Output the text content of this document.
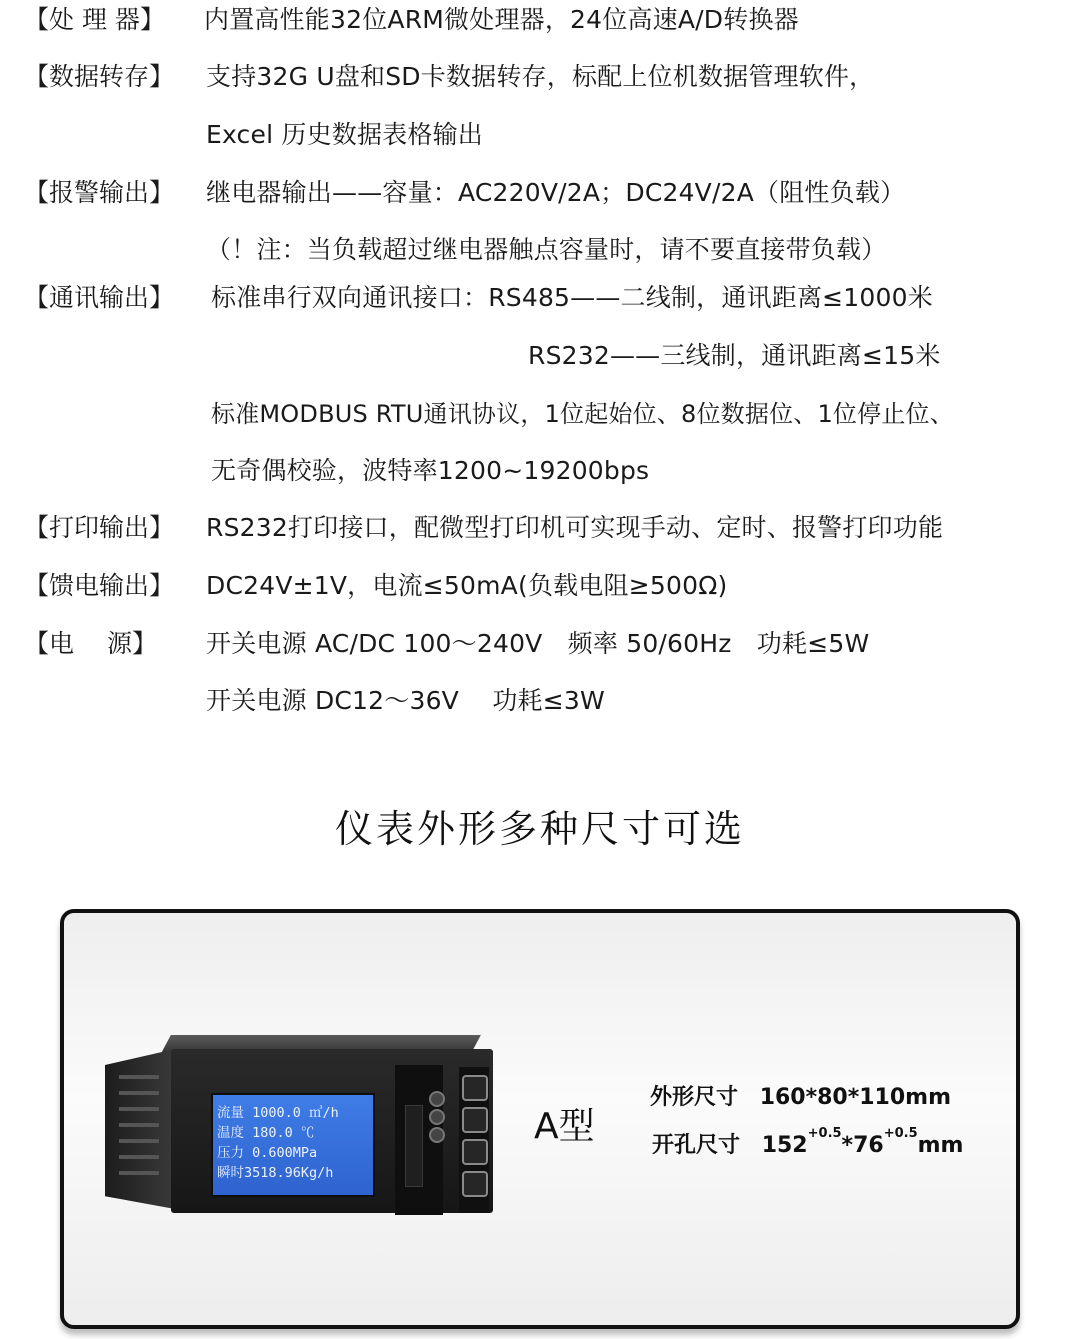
【处 理 器】 内置高性能32位ARM微处理器，24位高速A/D转换器
【数据转存】 支持32G U盘和SD卡数据转存，标配上位机数据管理软件，
Excel 历史数据表格输出
【报警输出】 继电器输出——容量：AC220V/2A；DC24V/2A（阻性负载）
（！注：当负载超过继电器触点容量时，请不要直接带负载）
【通讯输出】 标准串行双向通讯接口：RS485——二线制，通讯距离≤1000米
RS232——三线制，通讯距离≤15米
标准MODBUS RTU通讯协议，1位起始位、8位数据位、1位停止位、
无奇偶校验，波特率1200~19200bps
【打印输出】 RS232打印接口，配微型打印机可实现手动、定时、报警打印功能
【馈电输出】 DC24V±1V，电流≤50mA(负载电阻≥500Ω)
【电　 源】 开关电源 AC/DC 100～240V　频率 50/60Hz　功耗≤5W
开关电源 DC12～36V　 功耗≤3W
仪表外形多种尺寸可选
流量 1000.0 ㎥/h
温度 180.0 ℃
压力 0.600MPa
瞬时3518.96Kg/h
A型
外形尺寸 160*80*110mm
开孔尺寸 $152^{+0.5}*76^{+0.5}mm$
